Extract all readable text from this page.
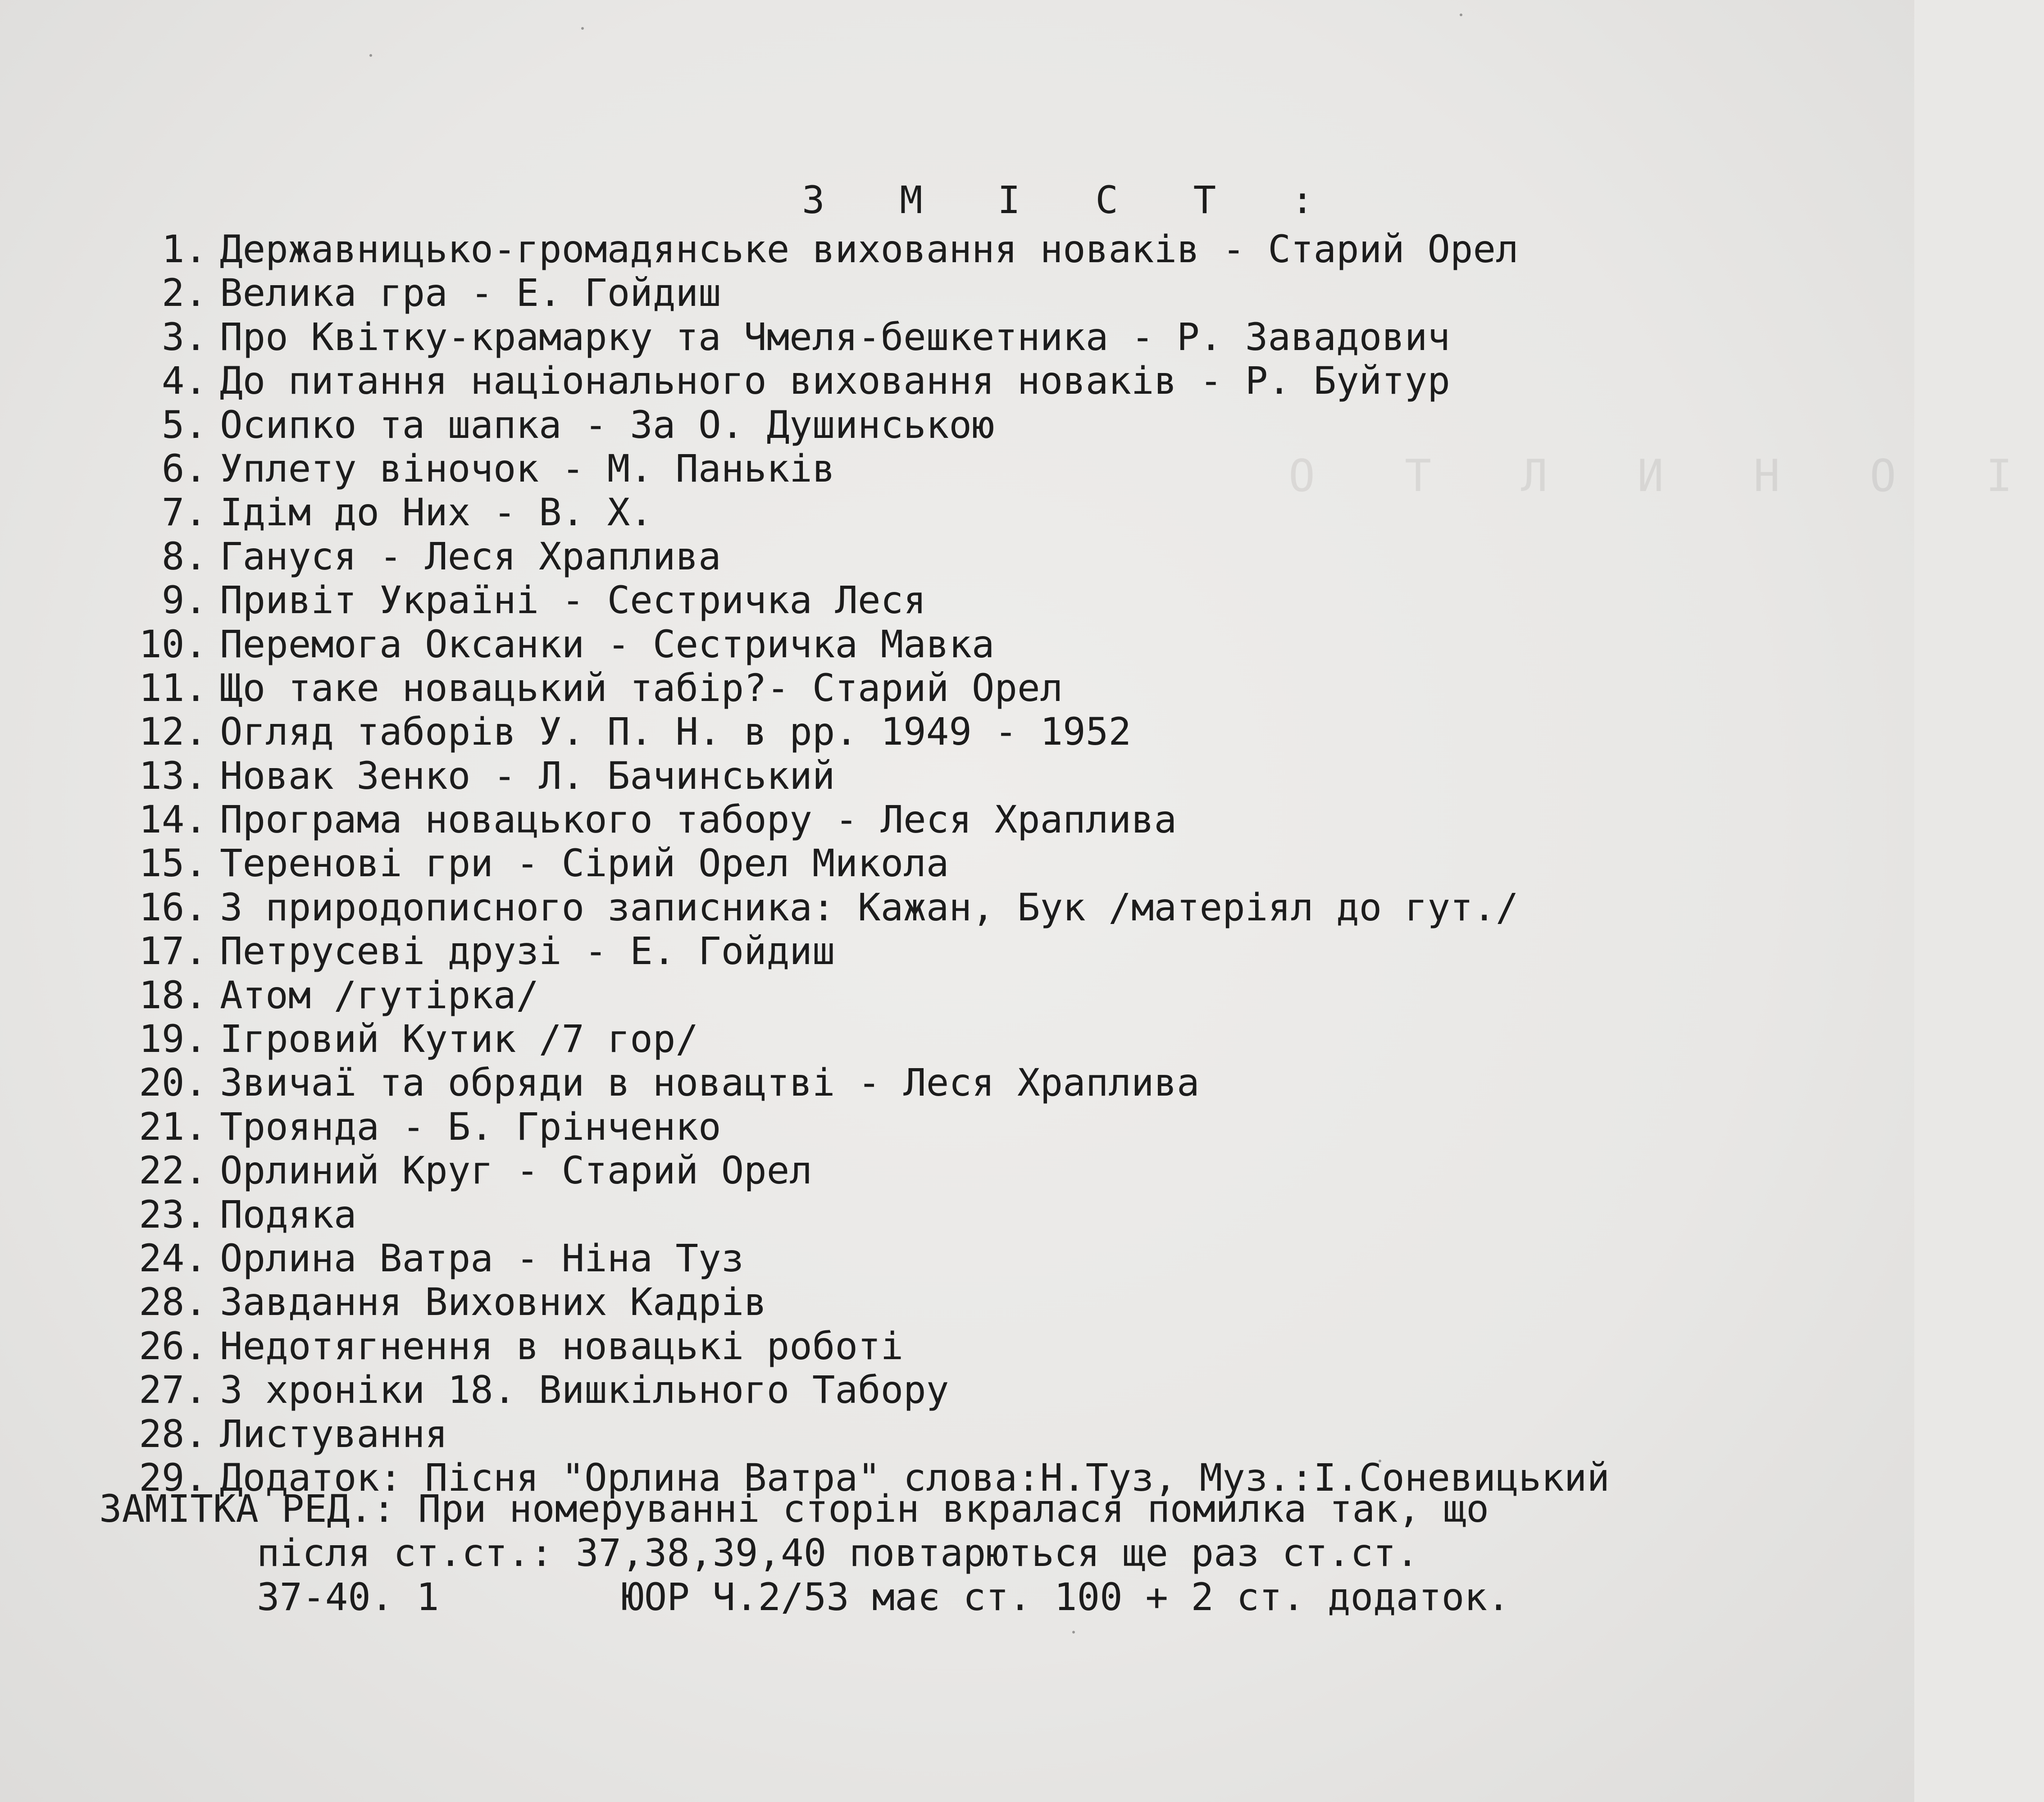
О Т Л И Н О І
З М І С Т :
1. Державницько-громадянське виховання новаків - Старий Орел
2. Велика гра - Е. Гойдиш
3. Про Квітку-крамарку та Чмеля-бешкетника - Р. Завадович
4. До питання національного виховання новаків - Р. Буйтур
5. Осипко та шапка - За О. Душинською
6. Уплету віночок - М. Паньків
7. Ідім до Них - В. Х.
8. Гануся - Леся Храплива
9. Привіт Україні - Сестричка Леся
10. Перемога Оксанки - Сестричка Мавка
11. Що таке новацький табір?- Старий Орел
12. Огляд таборів У. П. Н. в рр. 1949 - 1952
13. Новак Зенко - Л. Бачинський
14. Програма новацького табору - Леся Храплива
15. Теренові гри - Сірий Орел Микола
16. З природописного записника: Кажан, Бук /матеріял до гут./
17. Петрусеві друзі - Е. Гойдиш
18. Атом /гутірка/
19. Ігровий Кутик /7 гор/
20. Звичаї та обряди в новацтві - Леся Храплива
21. Троянда - Б. Грінченко
22. Орлиний Круг - Старий Орел
23. Подяка
24. Орлина Ватра - Ніна Туз
28. Завдання Виховних Кадрів
26. Недотягнення в новацькі роботі
27. З хроніки 18. Вишкільного Табору
28. Листування
29. Додаток: Пісня "Орлина Ватра" слова:Н.Туз, Муз.:І.Соневицький
ЗАМІТКА РЕД.: При номеруванні сторін вкралася помилка так, що
після ст.ст.: 37,38,39,40 повтарються ще раз ст.ст.
37-40. 1        ЮОР Ч.2/53 має ст. 100 + 2 ст. додаток.
